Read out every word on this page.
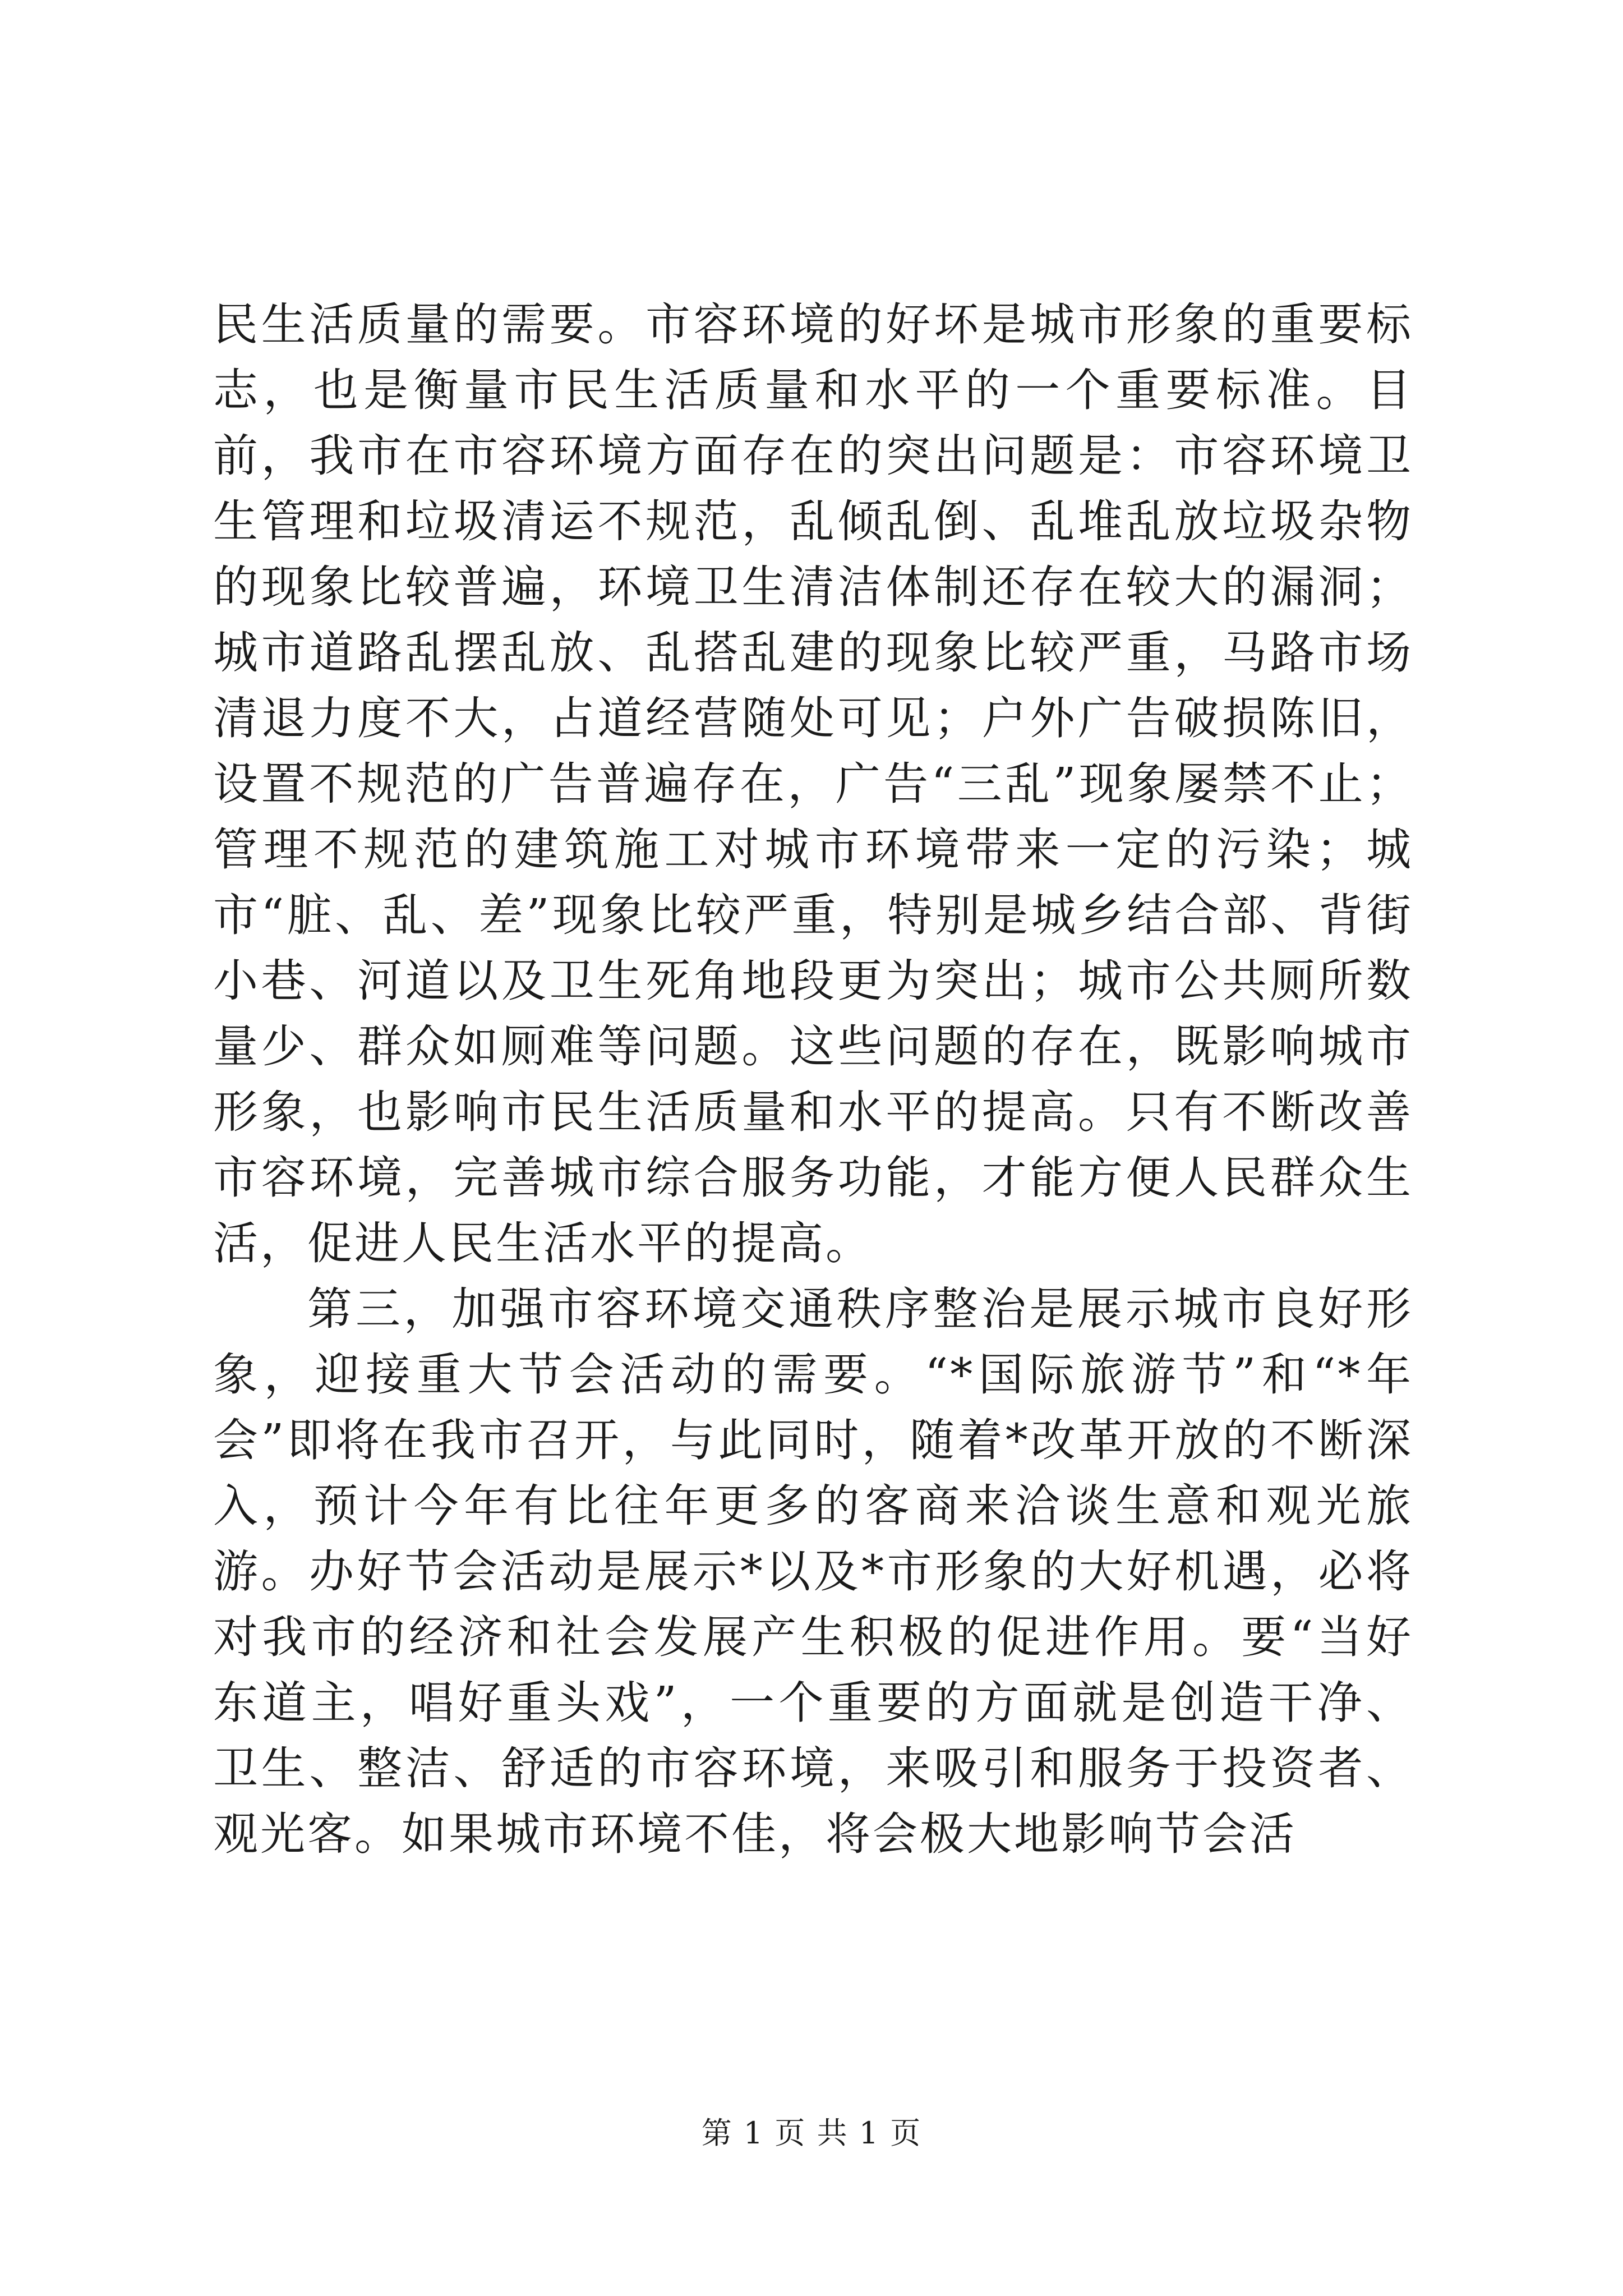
民生活质量的需要。市容环境的好坏是城市形象的重要标志，也是衡量市民生活质量和水平的一个重要标准。目前，我市在市容环境方面存在的突出问题是：市容环境卫生管理和垃圾清运不规范，乱倾乱倒、乱堆乱放垃圾杂物的现象比较普遍，环境卫生清洁体制还存在较大的漏洞；城市道路乱摆乱放、乱搭乱建的现象比较严重，马路市场清退力度不大，占道经营随处可见；户外广告破损陈旧，设置不规范的广告普遍存在，广告“三乱”现象屡禁不止；管理不规范的建筑施工对城市环境带来一定的污染；城市“脏、乱、差”现象比较严重，特别是城乡结合部、背街小巷、河道以及卫生死角地段更为突出；城市公共厕所数量少、群众如厕难等问题。这些问题的存在，既影响城市形象，也影响市民生活质量和水平的提高。只有不断改善市容环境，完善城市综合服务功能，才能方便人民群众生活，促进人民生活水平的提高。

第三，加强市容环境交通秩序整治是展示城市良好形象，迎接重大节会活动的需要。“*国际旅游节”和“*年会”即将在我市召开，与此同时，随着*改革开放的不断深入，预计今年有比往年更多的客商来洽谈生意和观光旅游。办好节会活动是展示*以及*市形象的大好机遇，必将对我市的经济和社会发展产生积极的促进作用。要“当好东道主，唱好重头戏”，一个重要的方面就是创造干净、卫生、整洁、舒适的市容环境，来吸引和服务于投资者、观光客。如果城市环境不佳，将会极大地影响节会活

第 1 页 共 1 页
